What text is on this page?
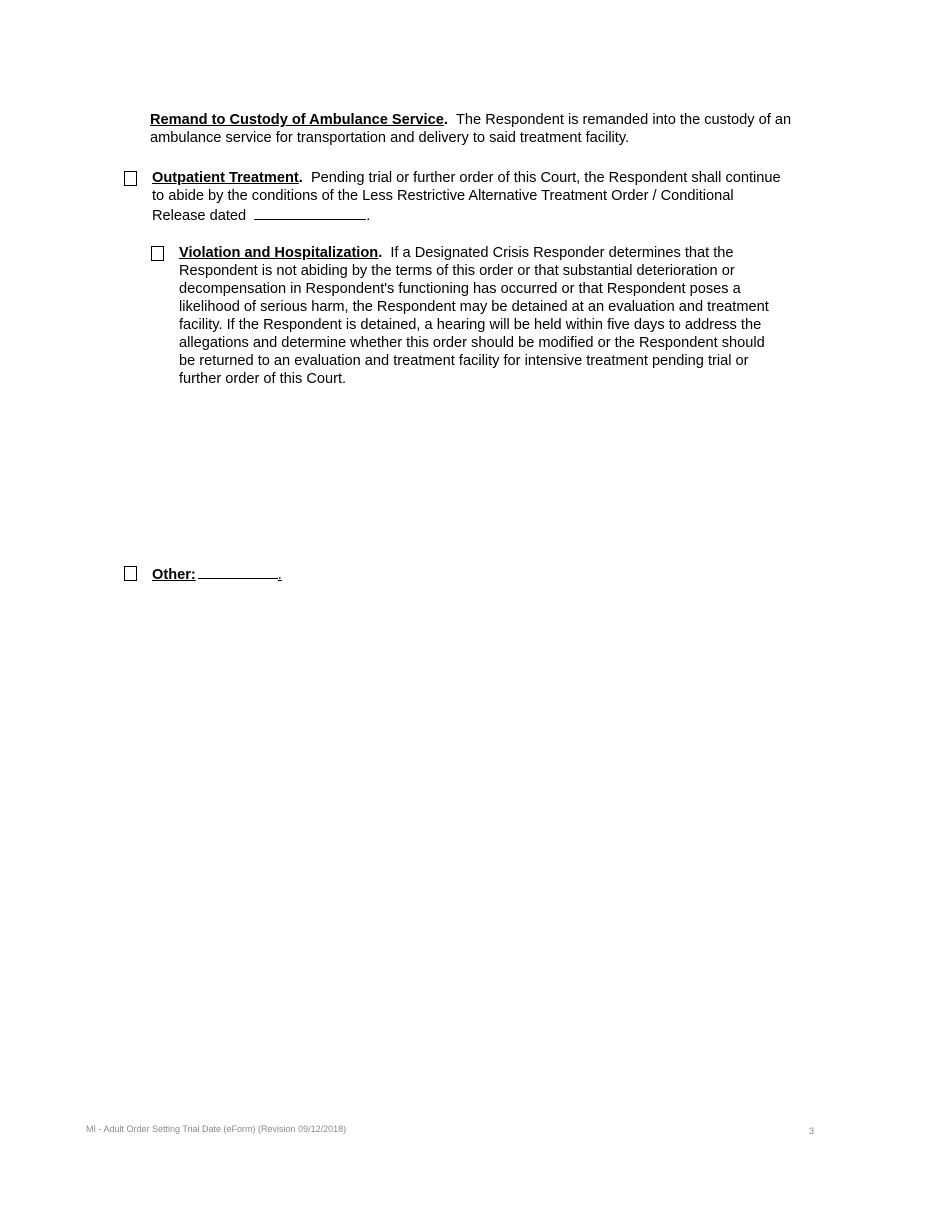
Remand to Custody of Ambulance Service. The Respondent is remanded into the custody of an
ambulance service for transportation and delivery to said treatment facility.
Outpatient Treatment. Pending trial or further order of this Court, the Respondent shall continue
to abide by the conditions of the Less Restrictive Alternative Treatment Order / Conditional
Release dated	.
Violation and Hospitalization. If a Designated Crisis Responder determines that the
Respondent is not abiding by the terms of this order or that substantial deterioration or
decompensation in Respondent's functioning has occurred or that Respondent poses a
likelihood of serious harm, the Respondent may be detained at an evaluation and treatment
facility. If the Respondent is detained, a hearing will be held within five days to address the
allegations and determine whether this order should be modified or the Respondent should
be returned to an evaluation and treatment facility for intensive treatment pending trial or
further order of this Court.
Other:	.
MI - Adult Order Setting Trial Date (eForm) (Revision 09/12/2018)	3
